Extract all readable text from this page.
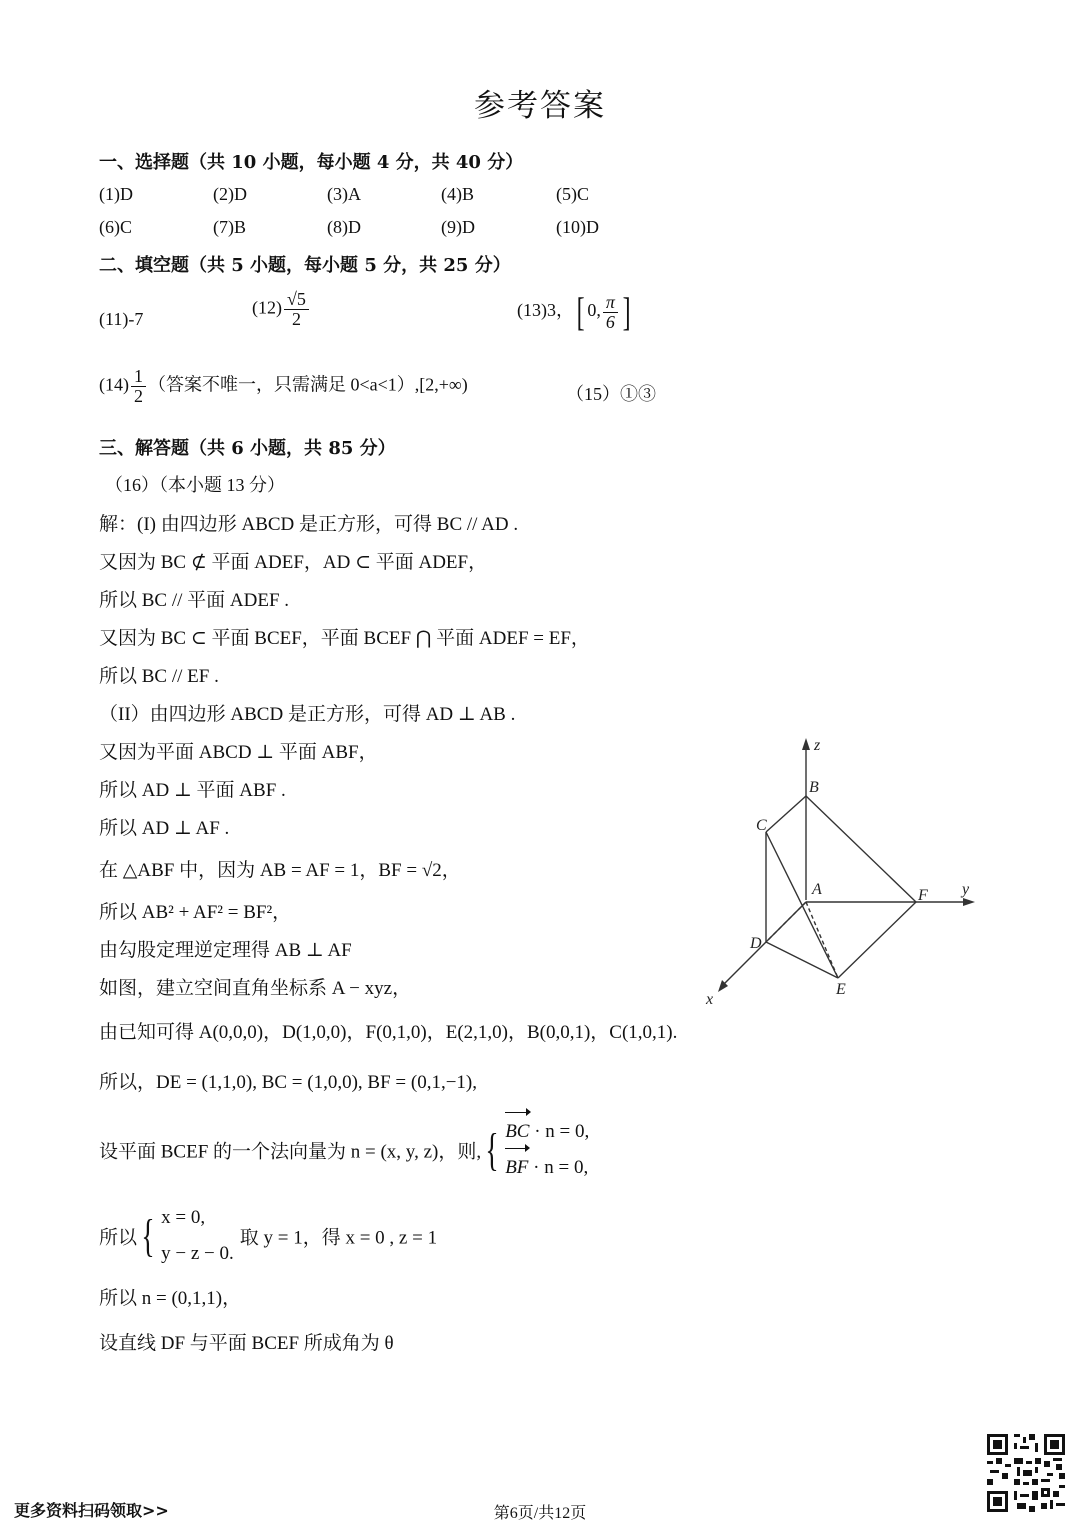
参考答案
一、选择题（共 10 小题，每小题 4 分，共 40 分）
(1)D	(2)D	(3)A	(4)B	(5)C
(6)C	(7)B	(8)D	(9)D	(10)D
二、填空题（共 5 小题，每小题 5 分，共 25 分）
(11)-7
$(12) \frac{√5}{2}$	(13)3，[ 0, $\frac{\pi}{6}$ ]
$(14) \frac{1}{2}$ （答案不唯一，只需满足 0<a<1）,[2,+∞)	（15）①③
三、解答题（共 6 小题，共 85 分）
（16）（本小题 13 分）
解：(I) 由四边形 ABCD 是正方形，可得 BC // AD .
又因为 BC ⊄ 平面 ADEF，AD ⊂ 平面 ADEF，
所以 BC // 平面 ADEF .
又因为 BC ⊂ 平面 BCEF，平面 BCEF ⋂ 平面 ADEF = EF，
所以 BC // EF .
（II）由四边形 ABCD 是正方形，可得 AD ⊥ AB .
又因为平面 ABCD ⊥ 平面 ABF，
所以 AD ⊥ 平面 ABF .
所以 AD ⊥ AF .
在 △ABF 中，因为 AB = AF = 1，BF = √2，
所以 AB² + AF² = BF²，
由勾股定理逆定理得 AB ⊥ AF
如图，建立空间直角坐标系 A − xyz，
由已知可得 A(0,0,0)，D(1,0,0)，F(0,1,0)，E(2,1,0)，B(0,0,1)，C(1,0,1).
所以，DE = (1,1,0), BC = (1,0,0), BF = (0,1,−1),
设平面 BCEF 的一个法向量为 n = (x, y, z)，则,{ BC · n = 0,
BF · n = 0,
所以{ x = 0,
y − z − 0.
取 y = 1，得 x = 0 , z = 1
所以 n = (0,1,1)，
设直线 DF 与平面 BCEF 所成角为 θ
z
y
x
B
C
A	F
D
E
更多资料扫码领取>>	第6页/共12页
